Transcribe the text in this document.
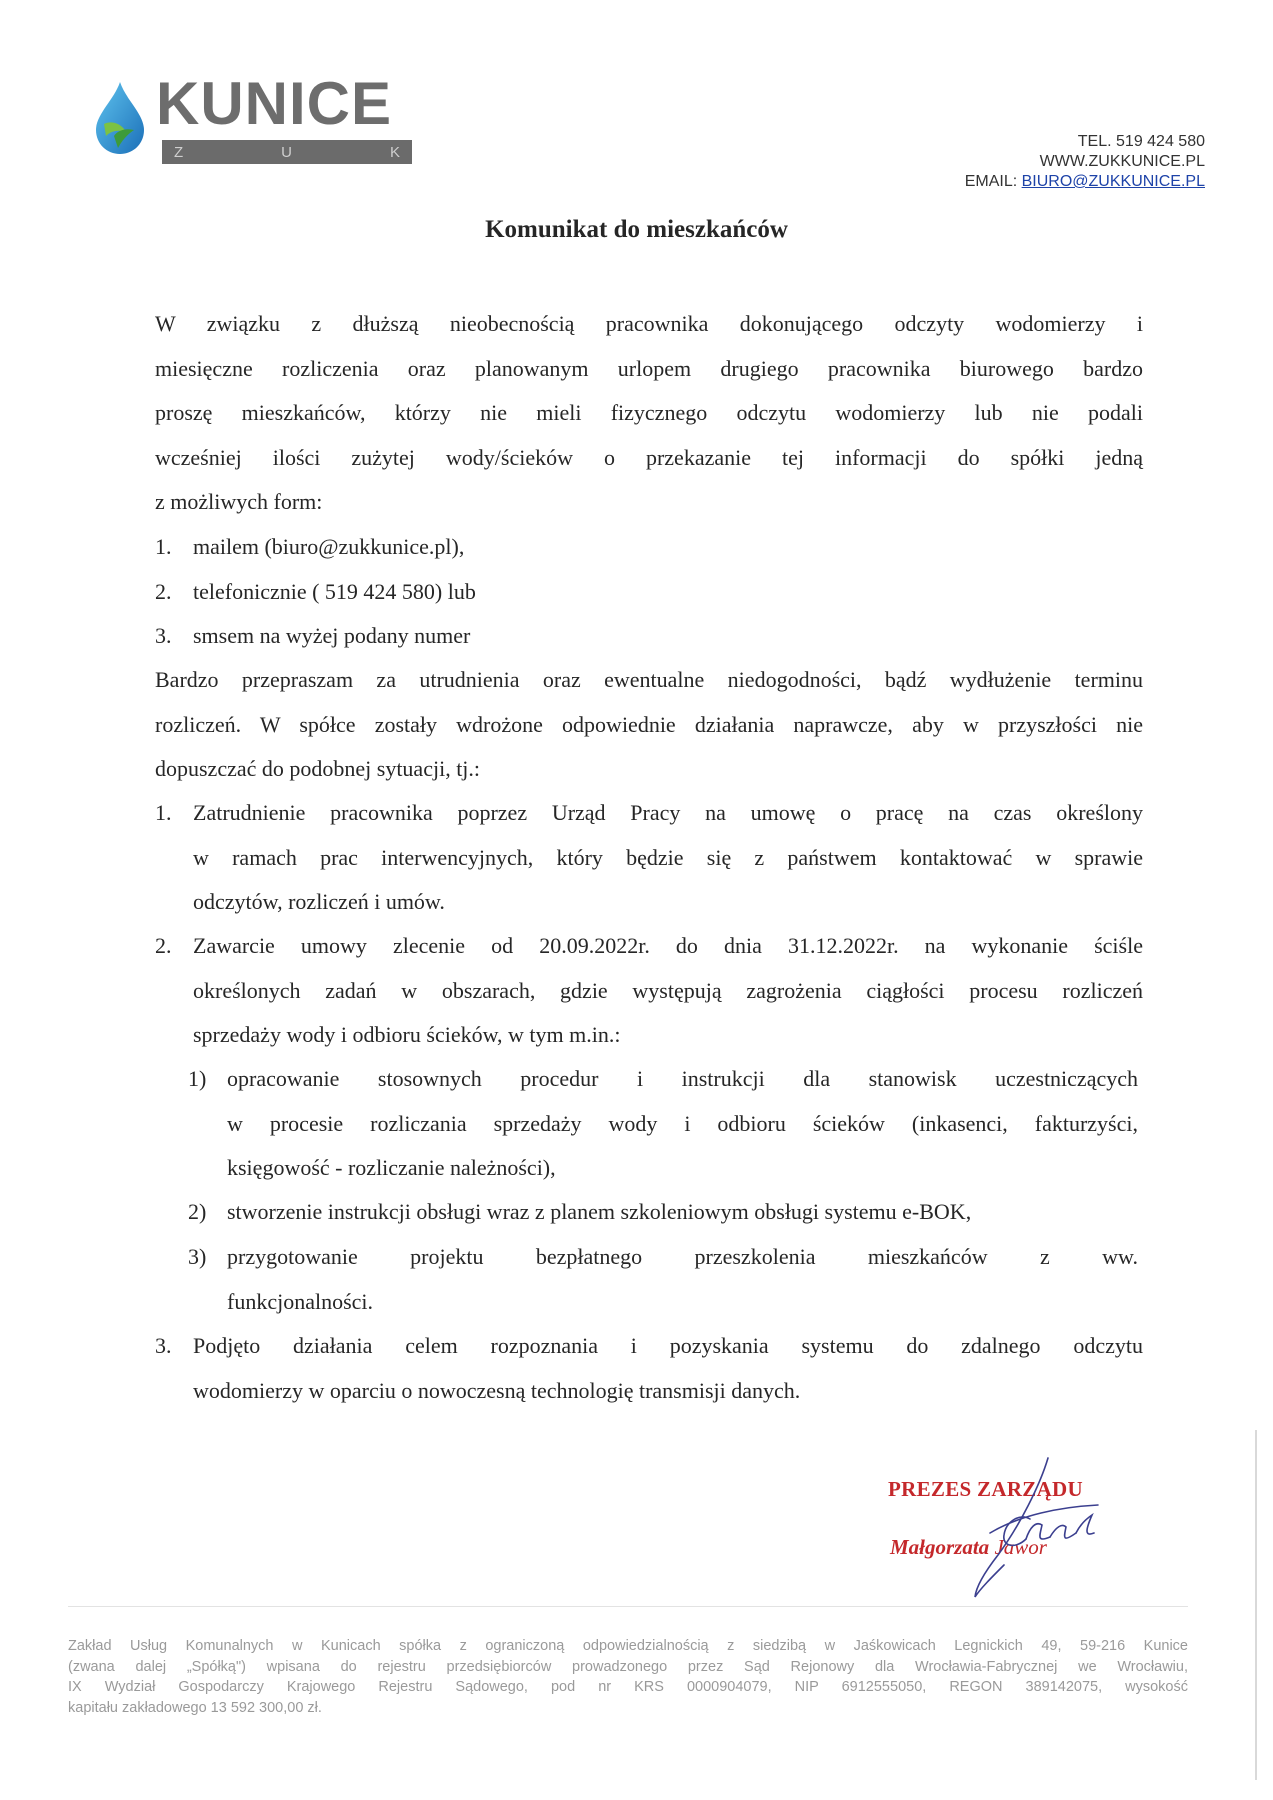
KUNICE
Z	U	K
TEL. 519 424 580
WWW.ZUKKUNICE.PL
EMAIL: BIURO@ZUKKUNICE.PL
Komunikat do mieszkańców
W związku z dłuższą nieobecnością pracownika dokonującego odczyty wodomierzy i
miesięczne rozliczenia oraz planowanym urlopem drugiego pracownika biurowego bardzo
proszę mieszkańców, którzy nie mieli fizycznego odczytu wodomierzy lub nie podali
wcześniej ilości zużytej wody/ścieków o przekazanie tej informacji do spółki jedną
z możliwych form:
1. mailem (biuro@zukkunice.pl),
2. telefonicznie ( 519 424 580) lub
3. smsem na wyżej podany numer
Bardzo przepraszam za utrudnienia oraz ewentualne niedogodności, bądź wydłużenie terminu
rozliczeń. W spółce zostały wdrożone odpowiednie działania naprawcze, aby w przyszłości nie
dopuszczać do podobnej sytuacji, tj.:
1. Zatrudnienie pracownika poprzez Urząd Pracy na umowę o pracę na czas określony
w ramach prac interwencyjnych, który będzie się z państwem kontaktować w sprawie
odczytów, rozliczeń i umów.
2. Zawarcie umowy zlecenie od 20.09.2022r. do dnia 31.12.2022r. na wykonanie ściśle
określonych zadań w obszarach, gdzie występują zagrożenia ciągłości procesu rozliczeń
sprzedaży wody i odbioru ścieków, w tym m.in.:
1) opracowanie stosownych procedur i instrukcji dla stanowisk uczestniczących
w procesie rozliczania sprzedaży wody i odbioru ścieków (inkasenci, fakturzyści,
księgowość - rozliczanie należności),
2) stworzenie instrukcji obsługi wraz z planem szkoleniowym obsługi systemu e-BOK,
3) przygotowanie projektu bezpłatnego przeszkolenia mieszkańców z ww.
funkcjonalności.
3. Podjęto działania celem rozpoznania i pozyskania systemu do zdalnego odczytu
wodomierzy w oparciu o nowoczesną technologię transmisji danych.
PREZES ZARZĄDU
Małgorzata Jawor
Zakład Usług Komunalnych w Kunicach spółka z ograniczoną odpowiedzialnością z siedzibą w Jaśkowicach Legnickich 49, 59-216 Kunice
(zwana dalej „Spółką") wpisana do rejestru przedsiębiorców prowadzonego przez Sąd Rejonowy dla Wrocławia-Fabrycznej we Wrocławiu,
IX Wydział Gospodarczy Krajowego Rejestru Sądowego, pod nr KRS 0000904079, NIP 6912555050, REGON 389142075, wysokość
kapitału zakładowego 13 592 300,00 zł.
